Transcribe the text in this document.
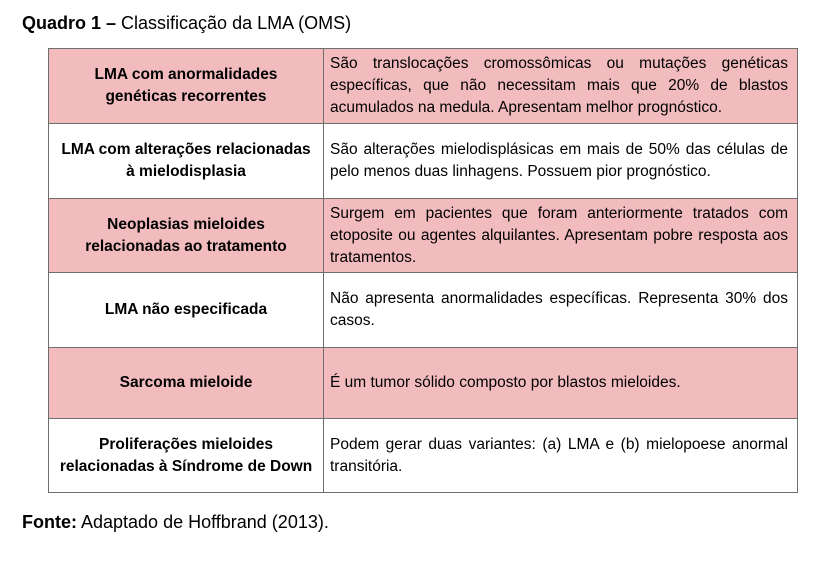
Quadro 1 – Classificação da LMA (OMS)
LMA com anormalidades genéticas recorrentes	São translocações cromossômicas ou mutações genéticas específicas, que não necessitam mais que 20% de blastos acumulados na medula. Apresentam melhor prognóstico.
LMA com alterações relacionadas à mielodisplasia	São alterações mielodisplásicas em mais de 50% das células de pelo menos duas linhagens. Possuem pior prognóstico.
Neoplasias mieloides relacionadas ao tratamento	Surgem em pacientes que foram anteriormente tratados com etoposite ou agentes alquilantes. Apresentam pobre resposta aos tratamentos.
LMA não especificada	Não apresenta anormalidades específicas. Representa 30% dos casos.
Sarcoma mieloide	É um tumor sólido composto por blastos mieloides.
Proliferações mieloides relacionadas à Síndrome de Down	Podem gerar duas variantes: (a) LMA e (b) mielopoese anormal transitória.
Fonte: Adaptado de Hoffbrand (2013).
